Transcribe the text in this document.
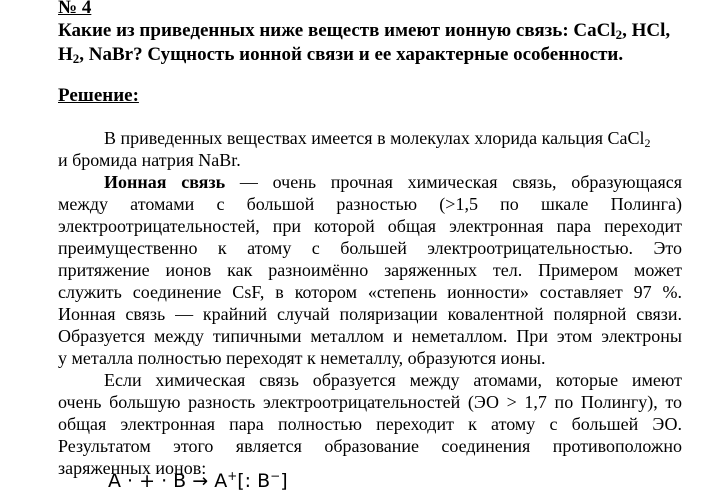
№ 4
Какие из приведенных ниже веществ имеют ионную связь: CaCl$_2$, HCl,
$H_2$, NaBr? Сущность ионной связи и ее характерные особенности.
Решение:
В приведенных веществах имеется в молекулах хлорида кальция CaCl$_2$
и бромида натрия NaBr.
Ионная связь — очень прочная химическая связь, образующаяся
между атомами с большой разностью (>1,5 по шкале Полинга)
электроотрицательностей, при которой общая электронная пара переходит
преимущественно к атому с большей электроотрицательностью. Это
притяжение ионов как разноимённо заряженных тел. Примером может
служить соединение CsF, в котором «степень ионности» составляет 97 %.
Ионная связь — крайний случай поляризации ковалентной полярной связи.
Образуется между типичными металлом и неметаллом. При этом электроны
у металла полностью переходят к неметаллу, образуются ионы.
Если химическая связь образуется между атомами, которые имеют
очень большую разность электроотрицательностей (ЭО > 1,7 по Полингу), то
общая электронная пара полностью переходит к атому с большей ЭО.
Результатом этого является образование соединения противоположно
заряженных ионов:
A · + · B → A+[: B−]
